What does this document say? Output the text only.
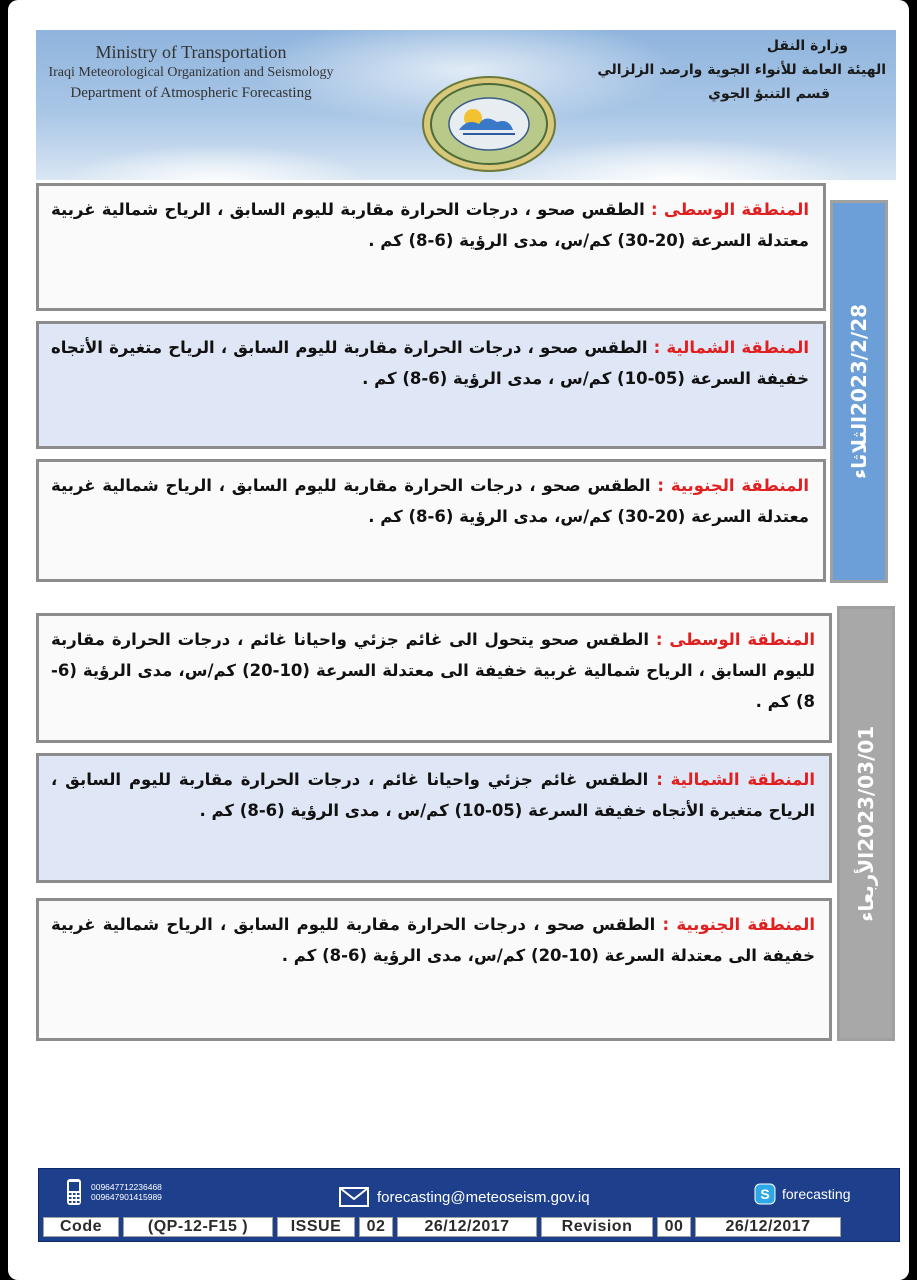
Ministry of Transportation
Iraqi Meteorological Organization and Seismology
Department of Atmospheric Forecasting
وزارة النقل
الهيئة العامة للأنواء الجوية وارصد الزلزالي
قسم التنبؤ الجوي
الثلاثاء2023/2/28
المنطقة الوسطى : الطقس صحو ، درجات الحرارة مقاربة لليوم السابق ، الرياح شمالية غربية معتدلة السرعة (20-30) كم/س، مدى الرؤية (6-8) كم .
المنطقة الشمالية : الطقس صحو ، درجات الحرارة مقاربة لليوم السابق ، الرياح متغيرة الأتجاه خفيفة السرعة (05-10) كم/س ، مدى الرؤية (6-8) كم .
المنطقة الجنوبية : الطقس صحو ، درجات الحرارة مقاربة لليوم السابق ، الرياح شمالية غربية معتدلة السرعة (20-30) كم/س، مدى الرؤية (6-8) كم .
الأربعاء2023/03/01
المنطقة الوسطى : الطقس صحو يتحول الى غائم جزئي واحيانا غائم ، درجات الحرارة مقاربة لليوم السابق ، الرياح شمالية غربية خفيفة الى معتدلة السرعة (10-20) كم/س، مدى الرؤية (6-8) كم .
المنطقة الشمالية : الطقس غائم جزئي واحيانا غائم ، درجات الحرارة مقاربة لليوم السابق ، الرياح متغيرة الأتجاه خفيفة السرعة (05-10) كم/س ، مدى الرؤية (6-8) كم .
المنطقة الجنوبية : الطقس صحو ، درجات الحرارة مقاربة لليوم السابق ، الرياح شمالية غربية خفيفة الى معتدلة السرعة (10-20) كم/س، مدى الرؤية (6-8) كم .
009647712236468
009647901415989	forecasting@meteoseism.gov.iq	S forecasting
Code	(QP-12-F15 )	ISSUE	02	26/12/2017	Revision	00	26/12/2017
